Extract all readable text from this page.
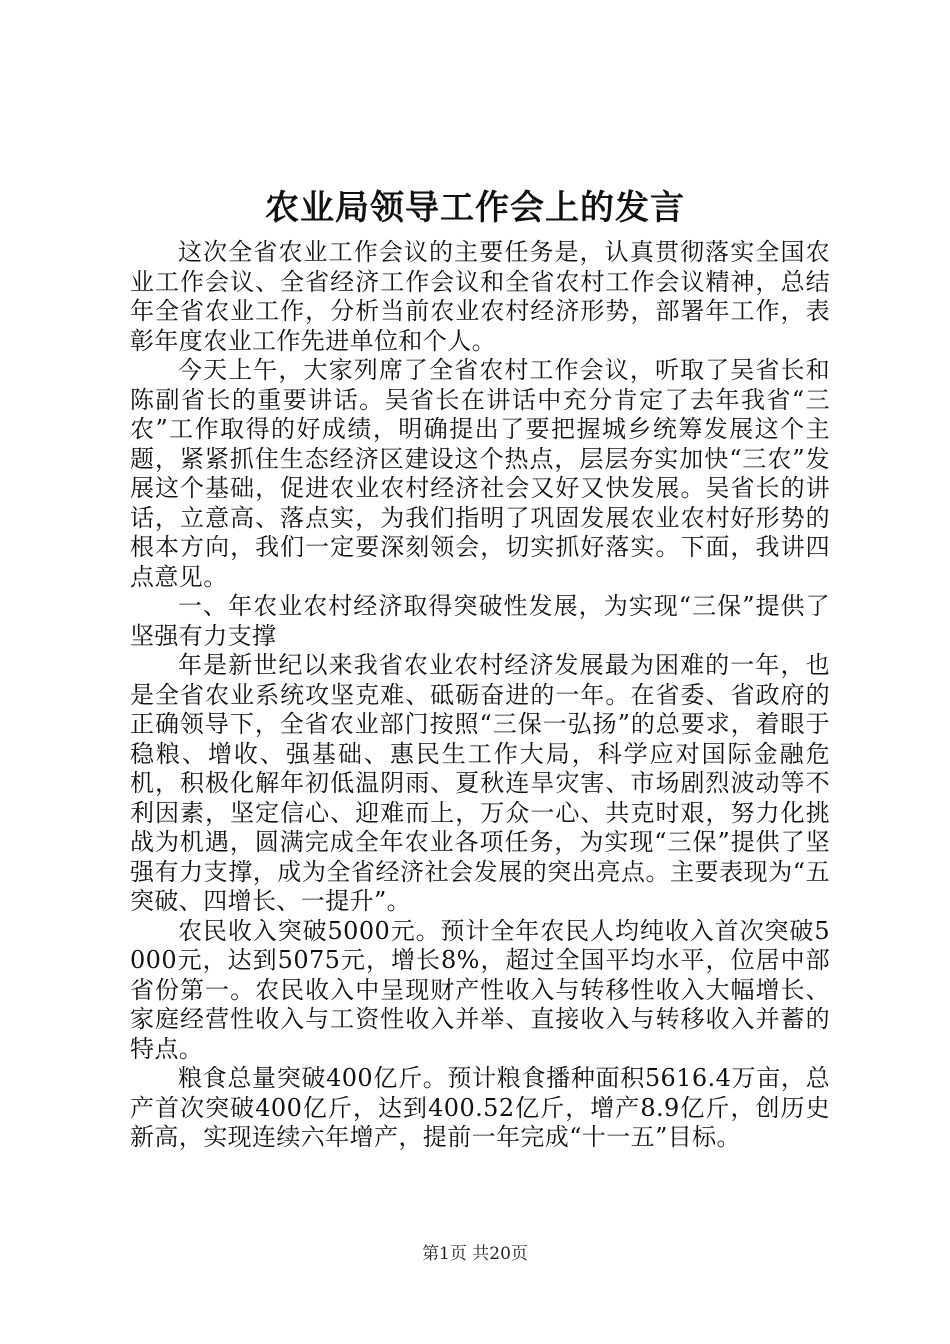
农业局领导工作会上的发言

这次全省农业工作会议的主要任务是，认真贯彻落实全国农业工作会议、全省经济工作会议和全省农村工作会议精神，总结年全省农业工作，分析当前农业农村经济形势，部署年工作，表彰年度农业工作先进单位和个人。

今天上午，大家列席了全省农村工作会议，听取了吴省长和陈副省长的重要讲话。吴省长在讲话中充分肯定了去年我省“三农”工作取得的好成绩，明确提出了要把握城乡统筹发展这个主题，紧紧抓住生态经济区建设这个热点，层层夯实加快“三农”发展这个基础，促进农业农村经济社会又好又快发展。吴省长的讲话，立意高、落点实，为我们指明了巩固发展农业农村好形势的根本方向，我们一定要深刻领会，切实抓好落实。下面，我讲四点意见。

一、年农业农村经济取得突破性发展，为实现“三保”提供了坚强有力支撑

年是新世纪以来我省农业农村经济发展最为困难的一年，也是全省农业系统攻坚克难、砥砺奋进的一年。在省委、省政府的正确领导下，全省农业部门按照“三保一弘扬”的总要求，着眼于稳粮、增收、强基础、惠民生工作大局，科学应对国际金融危机，积极化解年初低温阴雨、夏秋连旱灾害、市场剧烈波动等不利因素，坚定信心、迎难而上，万众一心、共克时艰，努力化挑战为机遇，圆满完成全年农业各项任务，为实现“三保”提供了坚强有力支撑，成为全省经济社会发展的突出亮点。主要表现为“五突破、四增长、一提升”。

农民收入突破5000元。预计全年农民人均纯收入首次突破5000元，达到5075元，增长8%，超过全国平均水平，位居中部省份第一。农民收入中呈现财产性收入与转移性收入大幅增长、家庭经营性收入与工资性收入并举、直接收入与转移收入并蓄的特点。

粮食总量突破400亿斤。预计粮食播种面积5616.4万亩，总产首次突破400亿斤，达到400.52亿斤，增产8.9亿斤，创历史新高，实现连续六年增产，提前一年完成“十一五”目标。

第1页 共20页
